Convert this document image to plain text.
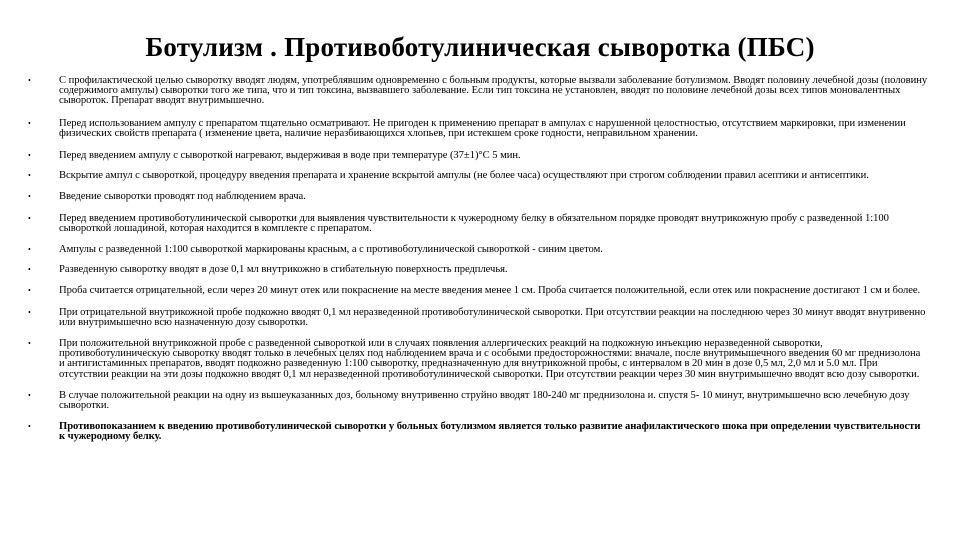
Ботулизм . Противоботулиническая сыворотка (ПБС)
•	С профилактической целью сыворотку вводят людям, употреблявшим одновременно с больным продукты, которые вызвали заболевание ботулизмом. Вводят половину лечебной дозы (половину содержимого ампулы) сыворотки того же типа, что и тип токсина, вызвавшего заболевание. Если тип токсина не установлен, вводят по половине лечебной дозы всех типов моновалентных сывороток. Препарат вводят внутримышечно.
•	Перед использованием ампулу с препаратом тщательно осматривают. Не пригоден к применению препарат в ампулах с нарушенной целостностью, отсутствием маркировки, при изменении физических свойств препарата ( изменение цвета, наличие неразбивающихся хлопьев, при истекшем сроке годности, неправильном хранении.
•	Перед введением ампулу с сывороткой нагревают, выдерживая в воде при температуре (37±1)°С 5 мин.
•	Вскрытие ампул с сывороткой, процедуру введения препарата и хранение вскрытой ампулы (не более часа) осуществляют при строгом соблюдении правил асептики и антисептики.
•	Введение сыворотки проводят под наблюдением врача.
•	Перед введением противоботулинической сыворотки для выявления чувствительности к чужеродному белку в обязательном порядке проводят внутрикожную пробу с разведенной 1:100 сывороткой лошадиной, которая находится в комплекте с препаратом.
•	Ампулы с разведенной 1:100 сывороткой маркированы красным, а с противоботулинической сывороткой - синим цветом.
•	Разведенную сыворотку вводят в дозе 0,1 мл внутрикожно в сгибательную поверхность предплечья.
•	Проба считается отрицательной, если через 20 минут отек или покраснение на месте введения менее 1 см. Проба считается положительной, если отек или покраснение достигают 1 см и более.
•	При отрицательной внутрикожной пробе подкожно вводят 0,1 мл неразведенной противоботулинической сыворотки. При отсутствии реакции на последнюю через 30 минут вводят внутривенно или внутримышечно всю назначенную дозу сыворотки.
•	При положительной внутрикожной пробе с разведенной сывороткой или в случаях появления аллергических реакций на подкожную инъекцию неразведенной сыворотки, противоботулиническую сыворотку вводят только в лечебных целях под наблюдением врача и с особыми предосторожностями: вначале, после внутримышечного введения 60 мг преднизолона и антигистаминных препаратов, вводят подкожно разведенную 1:100 сыворотку, предназначенную для внутрикожной пробы, с интервалом в 20 мин в дозе 0,5 мл, 2,0 мл и 5.0 мл. При отсутствии реакции на эти дозы подкожно вводят 0,1 мл неразведенной противоботулинической сыворотки. При отсутствии реакции через 30 мин внутримышечно вводят всю дозу сыворотки.
•	В случае положительной реакции на одну из вышеуказанных доз, больному внутривенно струйно вводят 180-240 мг преднизолона и. спустя 5- 10 минут, внутримышечно всю лечебную дозу сыворотки.
•	Противопоказанием к введению противоботулинической сыворотки у больных ботулизмом является только развитие анафилактического шока при определении чувствительности к чужеродному белку.
